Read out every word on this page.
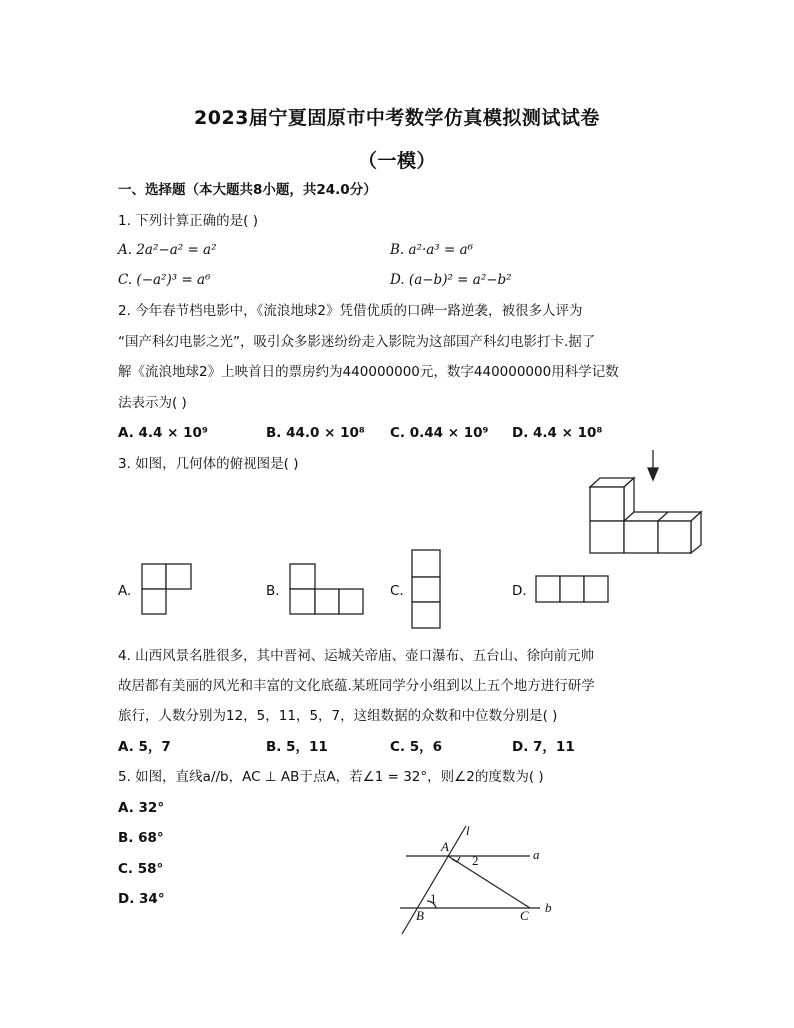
2023届宁夏固原市中考数学仿真模拟测试试卷
（一模）
一、选择题（本大题共8小题，共24.0分）
1. 下列计算正确的是( )
A. 2a²−a² = a²	B. a²·a³ = a⁶
C. (−a²)³ = a⁶	D. (a−b)² = a²−b²
2. 今年春节档电影中，《流浪地球2》凭借优质的口碑一路逆袭，被很多人评为
“国产科幻电影之光”，吸引众多影迷纷纷走入影院为这部国产科幻电影打卡.据了
解《流浪地球2》上映首日的票房约为440000000元，数字440000000用科学记数
法表示为( )
A. 4.4 × 10⁹	B. 44.0 × 10⁸ C. 0.44 × 10⁹ D. 4.4 × 10⁸
3. 如图，几何体的俯视图是( )
A.	B.	C.	D.
4. 山西风景名胜很多，其中晋祠、运城关帝庙、壶口瀑布、五台山、徐向前元帅
故居都有美丽的风光和丰富的文化底蕴.某班同学分小组到以上五个地方进行研学
旅行，人数分别为12，5，11，5，7，这组数据的众数和中位数分别是( )
A. 5，7	B. 5，11	C. 5，6	D. 7，11
5. 如图，直线a//b，AC ⊥ AB于点A，若∠1 = 32°，则∠2的度数为( )
A. 32°
B. 68°
C. 58°
D. 34°
l
A
a
2
1
B	C
b
